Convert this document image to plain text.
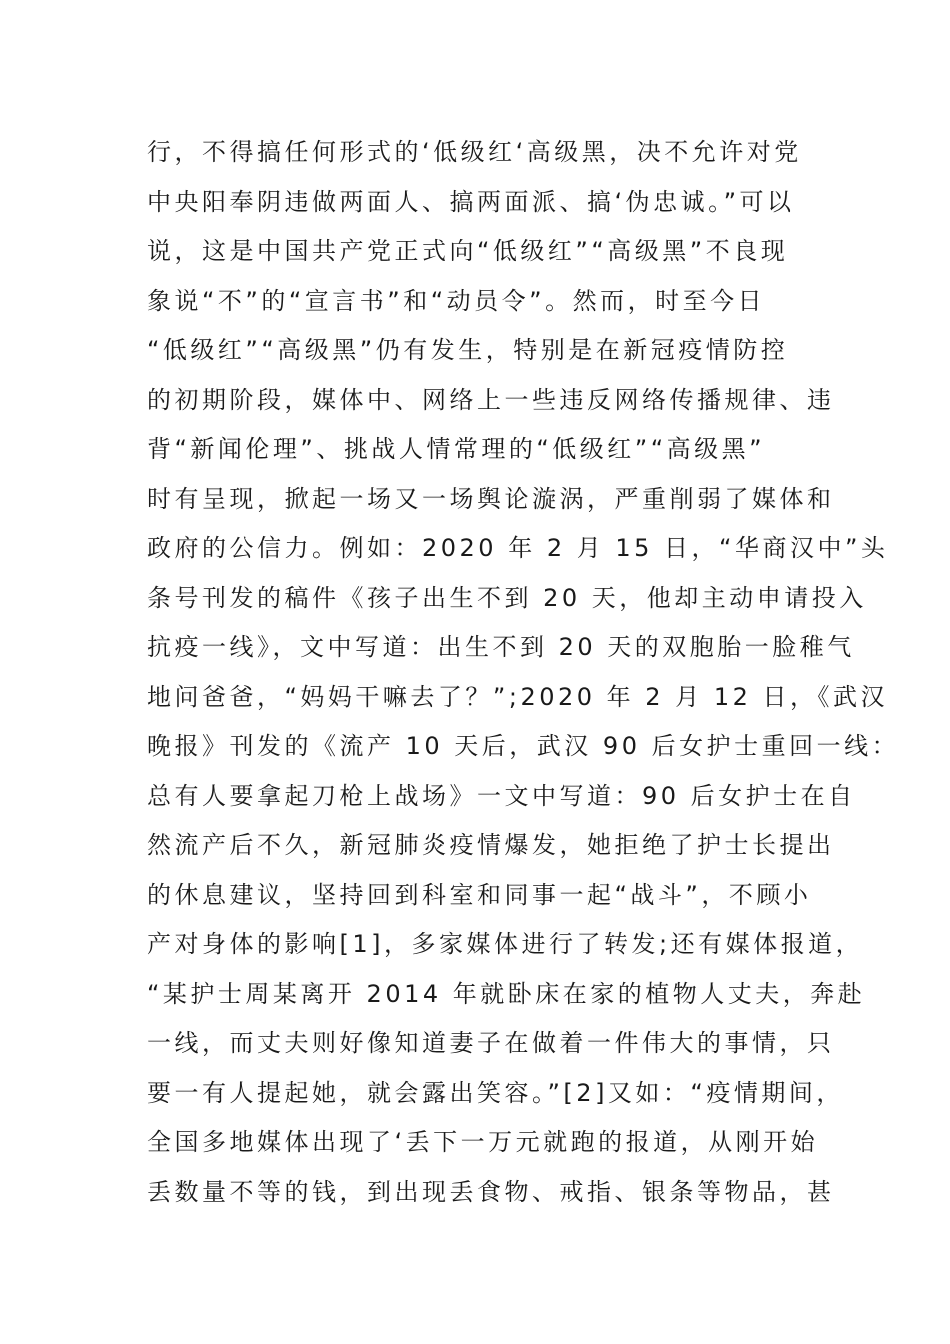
行，不得搞任何形式的‘低级红‘高级黑，决不允许对党
中央阳奉阴违做两面人、搞两面派、搞‘伪忠诚。”可以
说，这是中国共产党正式向“低级红”“高级黑”不良现
象说“不”的“宣言书”和“动员令”。然而，时至今日
“低级红”“高级黑”仍有发生，特别是在新冠疫情防控
的初期阶段，媒体中、网络上一些违反网络传播规律、违
背“新闻伦理”、挑战人情常理的“低级红”“高级黑”
时有呈现，掀起一场又一场舆论漩涡，严重削弱了媒体和
政府的公信力。例如：2020 年 2 月 15 日，“华商汉中”头
条号刊发的稿件《孩子出生不到 20 天，他却主动申请投入
抗疫一线》，文中写道：出生不到 20 天的双胞胎一脸稚气
地问爸爸，“妈妈干嘛去了？”;2020 年 2 月 12 日，《武汉
晚报》刊发的《流产 10 天后，武汉 90 后女护士重回一线：
总有人要拿起刀枪上战场》一文中写道：90 后女护士在自
然流产后不久，新冠肺炎疫情爆发，她拒绝了护士长提出
的休息建议，坚持回到科室和同事一起“战斗”，不顾小
产对身体的影响[1]，多家媒体进行了转发;还有媒体报道，
“某护士周某离开 2014 年就卧床在家的植物人丈夫，奔赴
一线，而丈夫则好像知道妻子在做着一件伟大的事情，只
要一有人提起她，就会露出笑容。”[2]又如：“疫情期间，
全国多地媒体出现了‘丢下一万元就跑的报道，从刚开始
丢数量不等的钱，到出现丢食物、戒指、银条等物品，甚
